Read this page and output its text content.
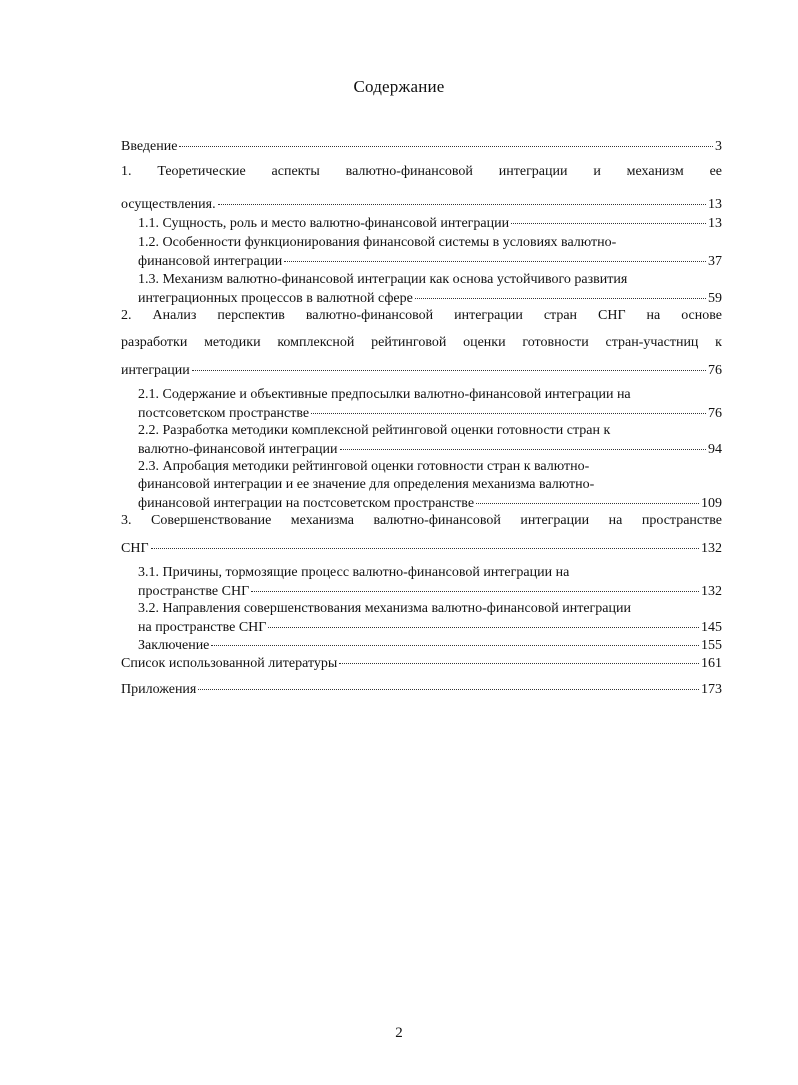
Содержание
Введение	3
1. Теоретические аспекты валютно-финансовой интеграции и механизм ее
осуществления.	13
1.1. Сущность, роль и место валютно-финансовой интеграции	13
1.2. Особенности функционирования финансовой системы в условиях валютно-
финансовой интеграции	37
1.3. Механизм валютно-финансовой интеграции как основа устойчивого развития
интеграционных процессов в валютной сфере	59
2. Анализ перспектив валютно-финансовой интеграции стран СНГ на основе
разработки методики комплексной рейтинговой оценки готовности стран-участниц к
интеграции	76
2.1. Содержание и объективные предпосылки валютно-финансовой интеграции на
постсоветском пространстве	76
2.2. Разработка методики комплексной рейтинговой оценки готовности стран к
валютно-финансовой интеграции	94
2.3. Апробация методики рейтинговой оценки готовности стран к валютно-
финансовой интеграции и ее значение для определения механизма валютно-
финансовой интеграции на постсоветском пространстве	109
3. Совершенствование механизма валютно-финансовой интеграции на пространстве
СНГ	132
3.1. Причины, тормозящие процесс валютно-финансовой интеграции на
пространстве СНГ	132
3.2. Направления совершенствования механизма валютно-финансовой интеграции
на пространстве СНГ	145
Заключение	155
Список использованной литературы	161
Приложения	173
2
